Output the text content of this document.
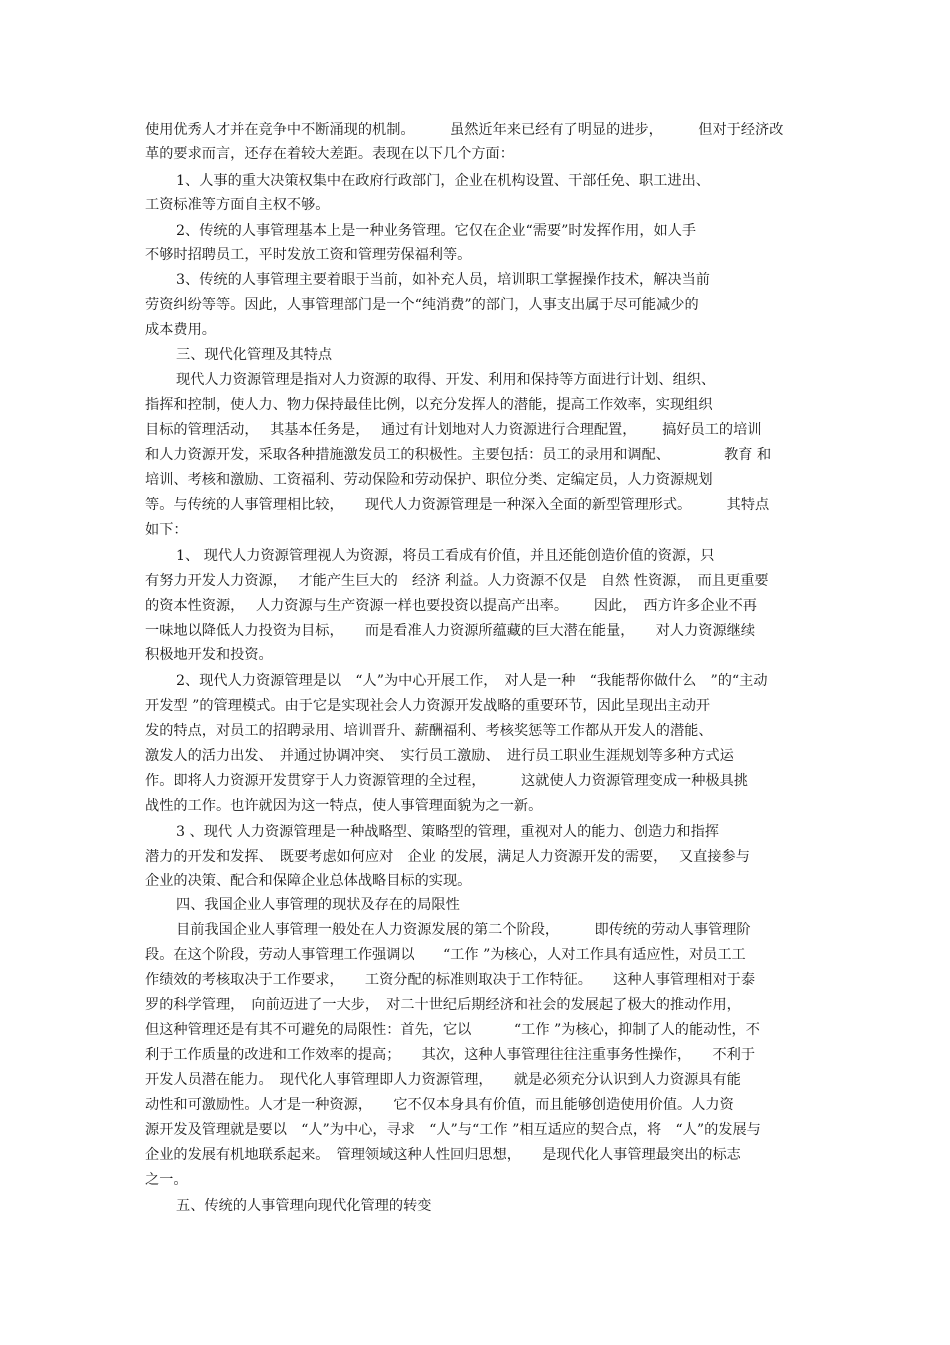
使用优秀人才并在竞争中不断涌现的机制。　　　虽然近年来已经有了明显的进步，　　　但对于经济改
革的要求而言，还存在着较大差距。表现在以下几个方面：
1、人事的重大决策权集中在政府行政部门，企业在机构设置、干部任免、职工进出、
工资标准等方面自主权不够。
2、传统的人事管理基本上是一种业务管理。它仅在企业“需要”时发挥作用，如人手
不够时招聘员工，平时发放工资和管理劳保福利等。
3、传统的人事管理主要着眼于当前，如补充人员，培训职工掌握操作技术，解决当前
劳资纠纷等等。因此，人事管理部门是一个“纯消费”的部门，人事支出属于尽可能减少的
成本费用。
三、现代化管理及其特点
现代人力资源管理是指对人力资源的取得、开发、利用和保持等方面进行计划、组织、
指挥和控制，使人力、物力保持最佳比例，以充分发挥人的潜能，提高工作效率，实现组织
目标的管理活动，　 其基本任务是，　 通过有计划地对人力资源进行合理配置，　　 搞好员工的培训
和人力资源开发，采取各种措施激发员工的积极性。主要包括：员工的录用和调配、　　　　 教育 和
培训、考核和激励、工资福利、劳动保险和劳动保护、职位分类、定编定员，人力资源规划
等。与传统的人事管理相比较，　　现代人力资源管理是一种深入全面的新型管理形式。　　　其特点
如下：
1、 现代人力资源管理视人为资源，将员工看成有价值，并且还能创造价值的资源，只
有努力开发人力资源，　 才能产生巨大的　经济 利益。人力资源不仅是　自然 性资源，　而且更重要
的资本性资源，　 人力资源与生产资源一样也要投资以提高产出率。　　 因此，　西方许多企业不再
一味地以降低人力投资为目标，　　而是看准人力资源所蕴藏的巨大潜在能量，　　对人力资源继续
积极地开发和投资。
2、现代人力资源管理是以　“人”为中心开展工作，　对人是一种　“我能帮你做什么　”的“主动
开发型 ”的管理模式。由于它是实现社会人力资源开发战略的重要环节，因此呈现出主动开
发的特点，对员工的招聘录用、培训晋升、薪酬福利、考核奖惩等工作都从开发人的潜能、
激发人的活力出发、　并通过协调冲突、　实行员工激励、　进行员工职业生涯规划等多种方式运
作。即将人力资源开发贯穿于人力资源管理的全过程，　　　这就使人力资源管理变成一种极具挑
战性的工作。也许就因为这一特点，使人事管理面貌为之一新。
3 、现代 人力资源管理是一种战略型、策略型的管理，重视对人的能力、创造力和指挥
潜力的开发和发挥、　既要考虑如何应对　企业 的发展，满足人力资源开发的需要，　 又直接参与
企业的决策、配合和保障企业总体战略目标的实现。
四、我国企业人事管理的现状及存在的局限性
目前我国企业人事管理一般处在人力资源发展的第二个阶段，　　　即传统的劳动人事管理阶
段。在这个阶段，劳动人事管理工作强调以　　“工作 ”为核心，人对工作具有适应性，对员工工
作绩效的考核取决于工作要求，　　工资分配的标准则取决于工作特征。　　这种人事管理相对于泰
罗的科学管理，　向前迈进了一大步，　对二十世纪后期经济和社会的发展起了极大的推动作用，
但这种管理还是有其不可避免的局限性：首先，它以　　　“工作 ”为核心，抑制了人的能动性，不
利于工作质量的改进和工作效率的提高；　　其次，这种人事管理往往注重事务性操作，　　不利于
开发人员潜在能力。　现代化人事管理即人力资源管理，　　就是必须充分认识到人力资源具有能
动性和可激励性。人才是一种资源，　　它不仅本身具有价值，而且能够创造使用价值。人力资
源开发及管理就是要以　“人”为中心，寻求　“人”与“工作 ”相互适应的契合点，将　“人”的发展与
企业的发展有机地联系起来。　管理领域这种人性回归思想，　　是现代化人事管理最突出的标志
之一。
五、传统的人事管理向现代化管理的转变
